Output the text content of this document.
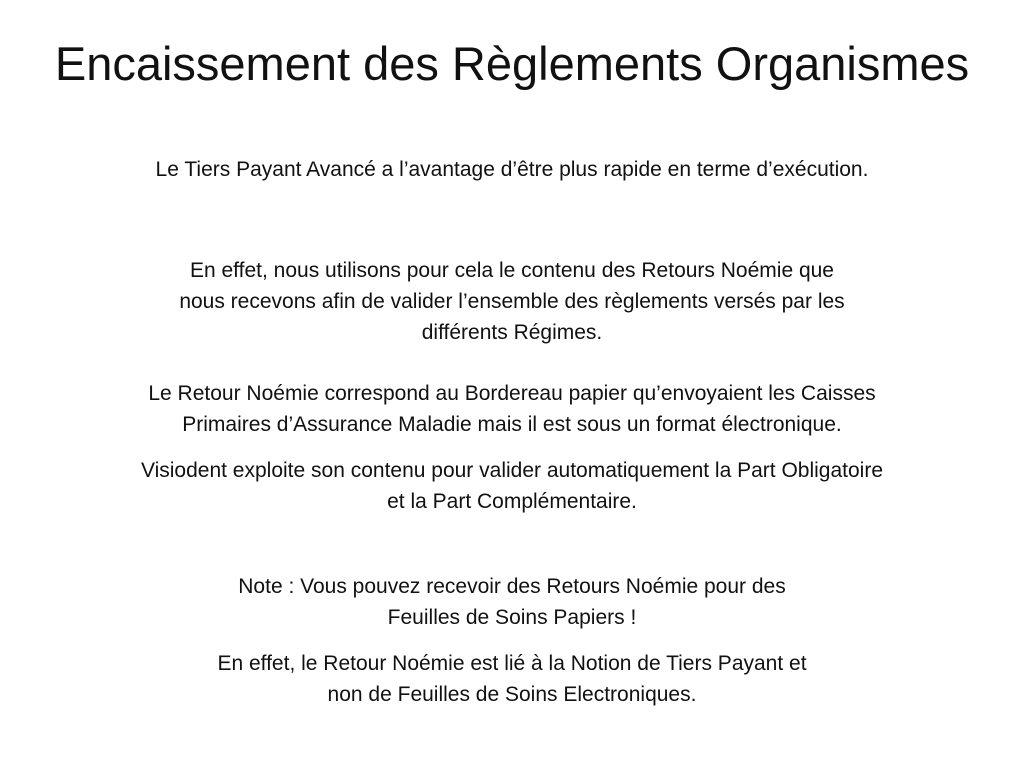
Encaissement des Règlements Organismes
Le Tiers Payant Avancé a l’avantage d’être plus rapide en terme d’exécution.
En effet, nous utilisons pour cela le contenu des Retours Noémie que
nous recevons afin de valider l’ensemble des règlements versés par les
différents Régimes.
Le Retour Noémie correspond au Bordereau papier qu’envoyaient les Caisses
Primaires d’Assurance Maladie mais il est sous un format électronique.
Visiodent exploite son contenu pour valider automatiquement la Part Obligatoire
et la Part Complémentaire.
Note : Vous pouvez recevoir des Retours Noémie pour des
Feuilles de Soins Papiers !
En effet, le Retour Noémie est lié à la Notion de Tiers Payant et
non de Feuilles de Soins Electroniques.
